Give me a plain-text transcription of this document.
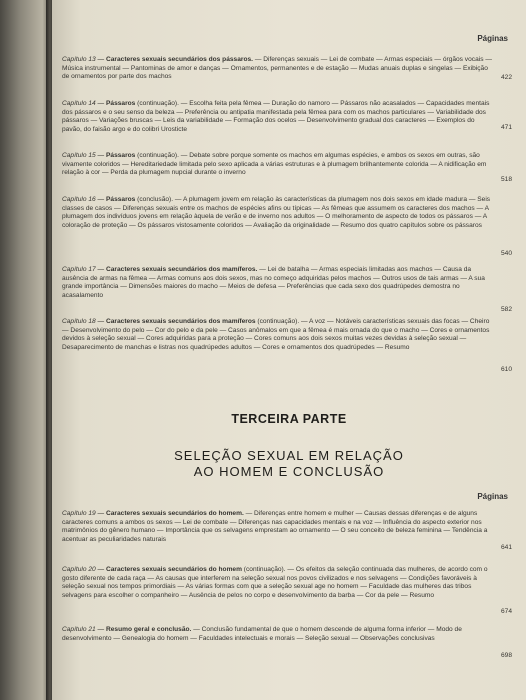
Páginas
Capítulo 13 — Caracteres sexuais secundários dos pássaros. — Diferenças sexuais — Lei de combate — Armas especiais — órgãos vocais — Música instrumental — Pantominas de amor e danças — Ornamentos, permanentes e de estação — Mudas anuais duplas e singelas — Exibição de ornamentos por parte dos machos	422
Capítulo 14 — Pássaros (continuação). — Escolha feita pela fêmea — Duração do namoro — Pássaros não acasalados — Capacidades mentais dos pássaros e o seu senso da beleza — Preferência ou antipatia manifestada pela fêmea para com os machos particulares — Variabilidade dos pássaros — Variações bruscas — Leis da variabilidade — Formação dos ocelos — Desenvolvimento gradual dos caracteres — Exemplos do pavão, do faisão argo e do colibri Urosticte	471
Capítulo 15 — Pássaros (continuação). — Debate sobre porque somente os machos em algumas espécies, e ambos os sexos em outras, são vivamente coloridos — Hereditariedade limitada pelo sexo aplicada a várias estruturas e à plumagem brilhantemente colorida — A nidificação em relação à cor — Perda da plumagem nupcial durante o inverno
518
Capítulo 16 — Pássaros (conclusão). — A plumagem jovem em relação às características da plumagem nos dois sexos em idade madura — Seis classes de casos — Diferenças sexuais entre os machos de espécies afins ou típicas — As fêmeas que assumem os caracteres dos machos — A plumagem dos indivíduos jovens em relação àquela de verão e de inverno nos adultos — O melhoramento de aspecto de todos os pássaros — A coloração de proteção — Os pássaros vistosamente coloridos — Avaliação da originalidade — Resumo dos quatro capítulos sobre os pássaros
540
Capítulo 17 — Caracteres sexuais secundários dos mamíferos. — Lei de batalha — Armas especiais limitadas aos machos — Causa da ausência de armas na fêmea — Armas comuns aos dois sexos, mas no começo adquiridas pelos machos — Outros usos de tais armas — A sua grande importância — Dimensões maiores do macho — Meios de defesa — Preferências que cada sexo dos quadrúpedes demostra no acasalamento
582
Capítulo 18 — Caracteres sexuais secundários dos mamíferos (continuação). — A voz — Notáveis características sexuais das focas — Cheiro — Desenvolvimento do pelo — Cor do pelo e da pele — Casos anômalos em que a fêmea é mais ornada do que o macho — Cores e ornamentos devidos à seleção sexual — Cores adquiridas para a proteção — Cores comuns aos dois sexos muitas vezes devidas à seleção sexual — Desaparecimento de manchas e listras nos quadrúpedes adultos — Cores e ornamentos dos quadrúpedes — Resumo
610
TERCEIRA PARTE
SELEÇÃO SEXUAL EM RELAÇÃO
AO HOMEM E CONCLUSÃO
Páginas
Capítulo 19 — Caracteres sexuais secundários do homem. — Diferenças entre homem e mulher — Causas dessas diferenças e de alguns caracteres comuns a ambos os sexos — Lei de combate — Diferenças nas capacidades mentais e na voz — Influência do aspecto exterior nos matrimônios do gênero humano — Importância que os selvagens emprestam ao ornamento — O seu conceito de beleza feminina — Tendência a acentuar as peculiaridades naturais
641
Capítulo 20 — Caracteres sexuais secundários do homem (continuação). — Os efeitos da seleção continuada das mulheres, de acordo com o gosto diferente de cada raça — As causas que interferem na seleção sexual nos povos civilizados e nos selvagens — Condições favoráveis à seleção sexual nos tempos primordiais — As várias formas com que a seleção sexual age no homem — Faculdade das mulheres das tribos selvagens para escolher o companheiro — Ausência de pelos no corpo e desenvolvimento da barba — Cor da pele — Resumo
674
Capítulo 21 — Resumo geral e conclusão. — Conclusão fundamental de que o homem descende de alguma forma inferior — Modo de desenvolvimento — Genealogia do homem — Faculdades intelectuais e morais — Seleção sexual — Observações conclusivas
698
